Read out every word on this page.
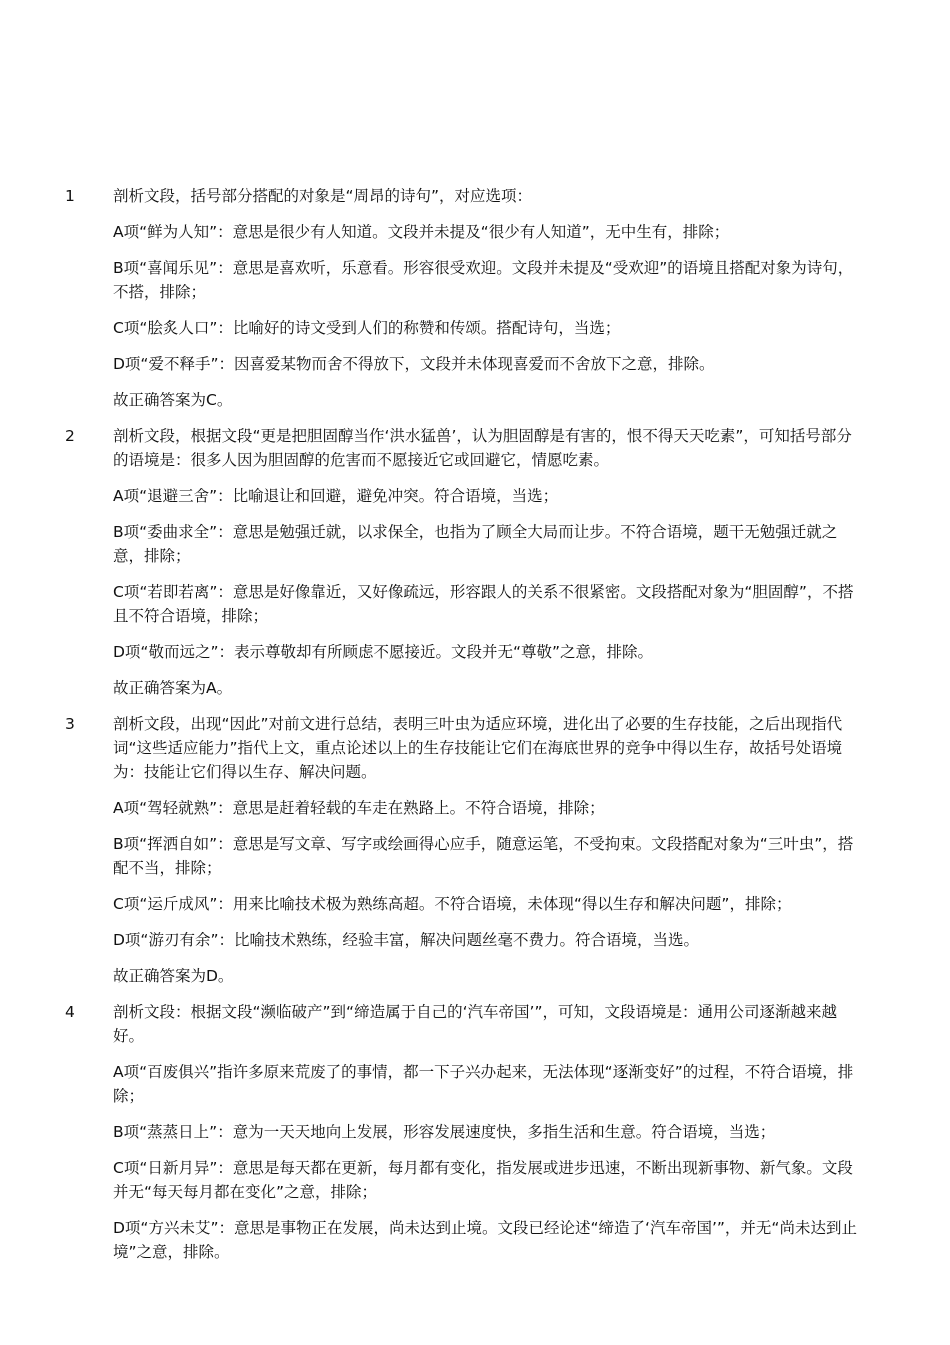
1	剖析文段，括号部分搭配的对象是“周昂的诗句”，对应选项：

A项“鲜为人知”：意思是很少有人知道。文段并未提及“很少有人知道”，无中生有，排除；

B项“喜闻乐见”：意思是喜欢听，乐意看。形容很受欢迎。文段并未提及“受欢迎”的语境且搭配对象为诗句，不搭，排除；

C项“脍炙人口”：比喻好的诗文受到人们的称赞和传颂。搭配诗句，当选；

D项“爱不释手”：因喜爱某物而舍不得放下，文段并未体现喜爱而不舍放下之意，排除。

故正确答案为C。

2	剖析文段，根据文段“更是把胆固醇当作‘洪水猛兽’，认为胆固醇是有害的，恨不得天天吃素”，可知括号部分的语境是：很多人因为胆固醇的危害而不愿接近它或回避它，情愿吃素。

A项“退避三舍”：比喻退让和回避，避免冲突。符合语境，当选；

B项“委曲求全”：意思是勉强迁就，以求保全，也指为了顾全大局而让步。不符合语境，题干无勉强迁就之意，排除；

C项“若即若离”：意思是好像靠近，又好像疏远，形容跟人的关系不很紧密。文段搭配对象为“胆固醇”，不搭且不符合语境，排除；

D项“敬而远之”：表示尊敬却有所顾虑不愿接近。文段并无“尊敬”之意，排除。

故正确答案为A。

3	剖析文段，出现“因此”对前文进行总结，表明三叶虫为适应环境，进化出了必要的生存技能，之后出现指代词“这些适应能力”指代上文，重点论述以上的生存技能让它们在海底世界的竞争中得以生存，故括号处语境为：技能让它们得以生存、解决问题。

A项“驾轻就熟”：意思是赶着轻载的车走在熟路上。不符合语境，排除；

B项“挥洒自如”：意思是写文章、写字或绘画得心应手，随意运笔，不受拘束。文段搭配对象为“三叶虫”，搭配不当，排除；

C项“运斤成风”：用来比喻技术极为熟练高超。不符合语境，未体现“得以生存和解决问题”，排除；

D项“游刃有余”：比喻技术熟练，经验丰富，解决问题丝毫不费力。符合语境，当选。

故正确答案为D。

4	剖析文段：根据文段“濒临破产”到“缔造属于自己的‘汽车帝国’”，可知，文段语境是：通用公司逐渐越来越好。

A项“百废俱兴”指许多原来荒废了的事情，都一下子兴办起来，无法体现“逐渐变好”的过程，不符合语境，排除；

B项“蒸蒸日上”：意为一天天地向上发展，形容发展速度快，多指生活和生意。符合语境，当选；

C项“日新月异”：意思是每天都在更新，每月都有变化，指发展或进步迅速，不断出现新事物、新气象。文段并无“每天每月都在变化”之意，排除；

D项“方兴未艾”：意思是事物正在发展，尚未达到止境。文段已经论述“缔造了‘汽车帝国’”，并无“尚未达到止境”之意，排除。
